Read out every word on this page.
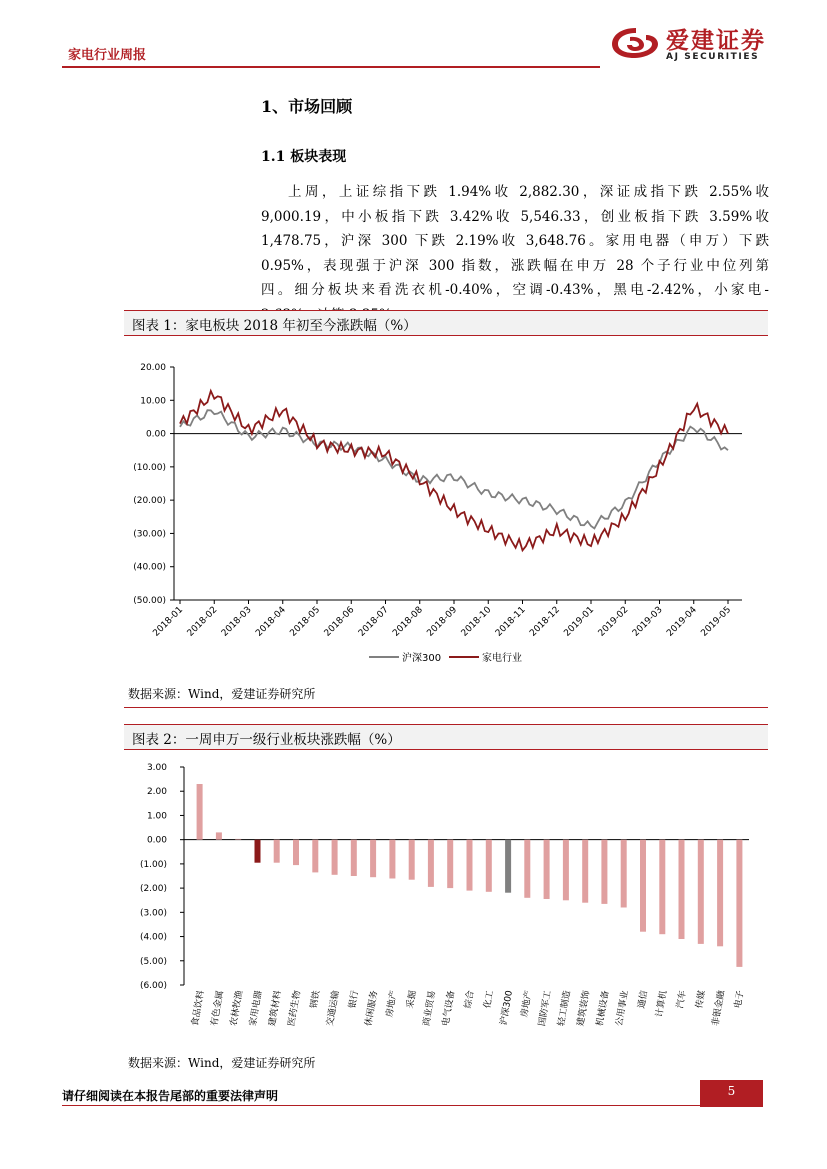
家电行业周报
爱建证券
AJ SECURITIES
1、市场回顾
1.1 板块表现
上周，上证综指下跌 1.94%收 2,882.30，深证成指下跌 2.55%收
9,000.19，中小板指下跌 3.42%收 5,546.33，创业板指下跌 3.59%收
1,478.75，沪深 300 下跌 2.19%收 3,648.76。家用电器（申万）下跌
0.95%，表现强于沪深 300 指数，涨跌幅在申万 28 个子行业中位列第
四。细分板块来看洗衣机-0.40%，空调-0.43%，黑电-2.42%，小家电-
图表 1：家电板块 2018 年初至今涨跌幅（%）
20.00
10.00
0.00
(10.00)
(20.00)
(30.00)
(40.00)
(50.00)
2018-01 2018-02 2018-03 2018-04 2018-05 2018-06 2018-07 2018-08 2018-09 2018-10 2018-11 2018-12 2019-01 2019-02 2019-03 2019-04 2019-05
沪深300	家电行业
数据来源：Wind，爱建证券研究所
图表 2：一周申万一级行业板块涨跌幅（%）
3.00
2.00
1.00
0.00
(1.00)
(2.00)
(3.00)
(4.00)
(5.00)
(6.00)
食品饮料 有色金属 农林牧渔 家用电器 建筑材料 医药生物 钢铁 交通运输 银行 休闲服务 房地产 采掘 商业贸易 电气设备 综合 化工 沪深300 房地产 国防军工 轻工制造 建筑装饰 机械设备 公用事业 通信 计算机 汽车 传媒 非银金融 电子
数据来源：Wind，爱建证券研究所
请仔细阅读在本报告尾部的重要法律声明	5
